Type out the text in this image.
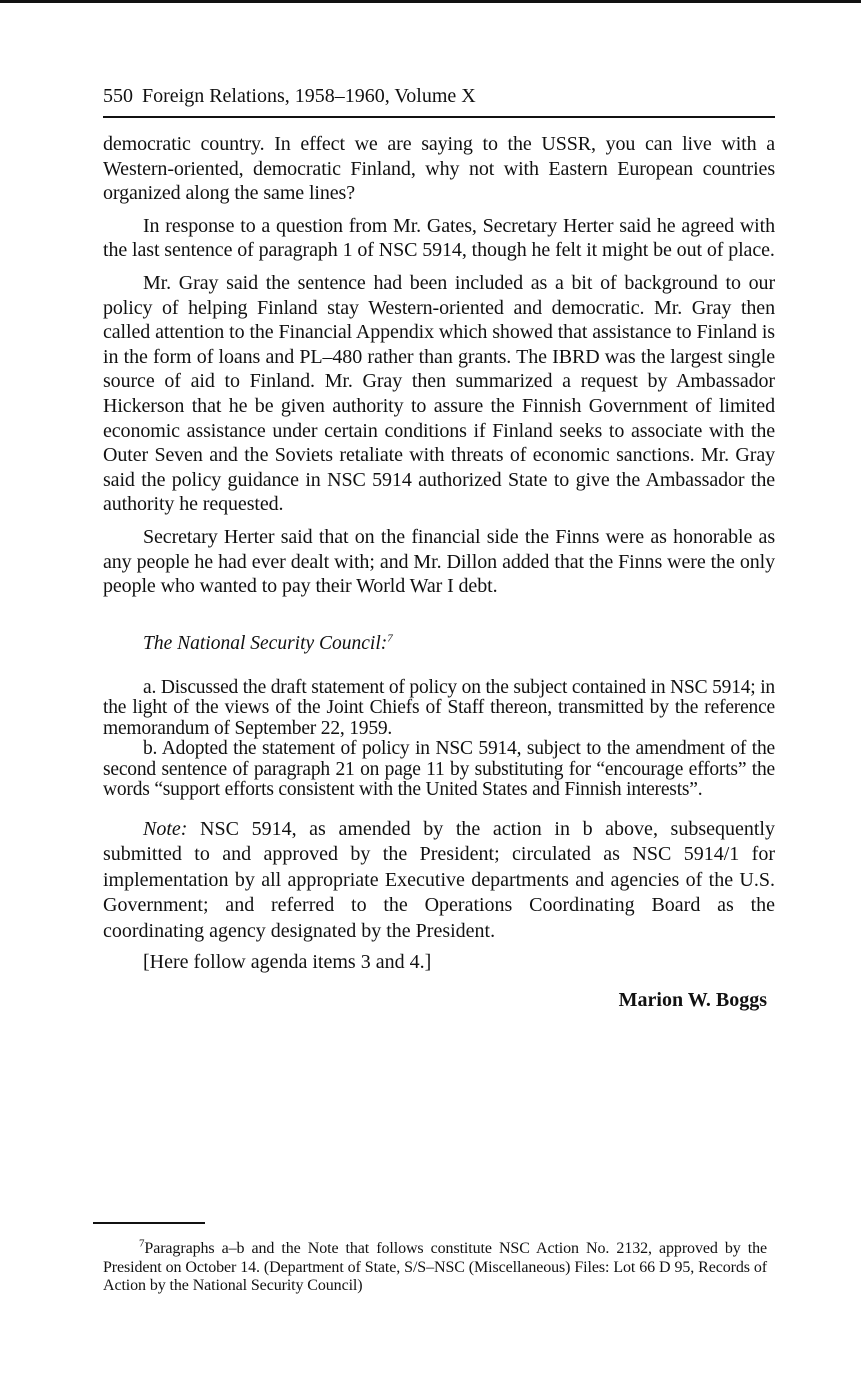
550 Foreign Relations, 1958–1960, Volume X

democratic country. In effect we are saying to the USSR, you can live with a Western-oriented, democratic Finland, why not with Eastern European countries organized along the same lines?

In response to a question from Mr. Gates, Secretary Herter said he agreed with the last sentence of paragraph 1 of NSC 5914, though he felt it might be out of place.

Mr. Gray said the sentence had been included as a bit of background to our policy of helping Finland stay Western-oriented and democratic. Mr. Gray then called attention to the Financial Appendix which showed that assistance to Finland is in the form of loans and PL–480 rather than grants. The IBRD was the largest single source of aid to Finland. Mr. Gray then summarized a request by Ambassador Hickerson that he be given authority to assure the Finnish Government of limited economic assistance under certain conditions if Finland seeks to associate with the Outer Seven and the Soviets retaliate with threats of economic sanctions. Mr. Gray said the policy guidance in NSC 5914 authorized State to give the Ambassador the authority he requested.

Secretary Herter said that on the financial side the Finns were as honorable as any people he had ever dealt with; and Mr. Dillon added that the Finns were the only people who wanted to pay their World War I debt.

The National Security Council:$^7$

a. Discussed the draft statement of policy on the subject contained in NSC 5914; in the light of the views of the Joint Chiefs of Staff thereon, transmitted by the reference memorandum of September 22, 1959.

b. Adopted the statement of policy in NSC 5914, subject to the amendment of the second sentence of paragraph 21 on page 11 by substituting for “encourage efforts” the words “support efforts consistent with the United States and Finnish interests”.

Note: NSC 5914, as amended by the action in b above, subsequently submitted to and approved by the President; circulated as NSC 5914/1 for implementation by all appropriate Executive departments and agencies of the U.S. Government; and referred to the Operations Coordinating Board as the coordinating agency designated by the President.

[Here follow agenda items 3 and 4.]

Marion W. Boggs
$^7$Paragraphs a–b and the Note that follows constitute NSC Action No. 2132, approved by the President on October 14. (Department of State, S/S–NSC (Miscellaneous) Files: Lot 66 D 95, Records of Action by the National Security Council)
